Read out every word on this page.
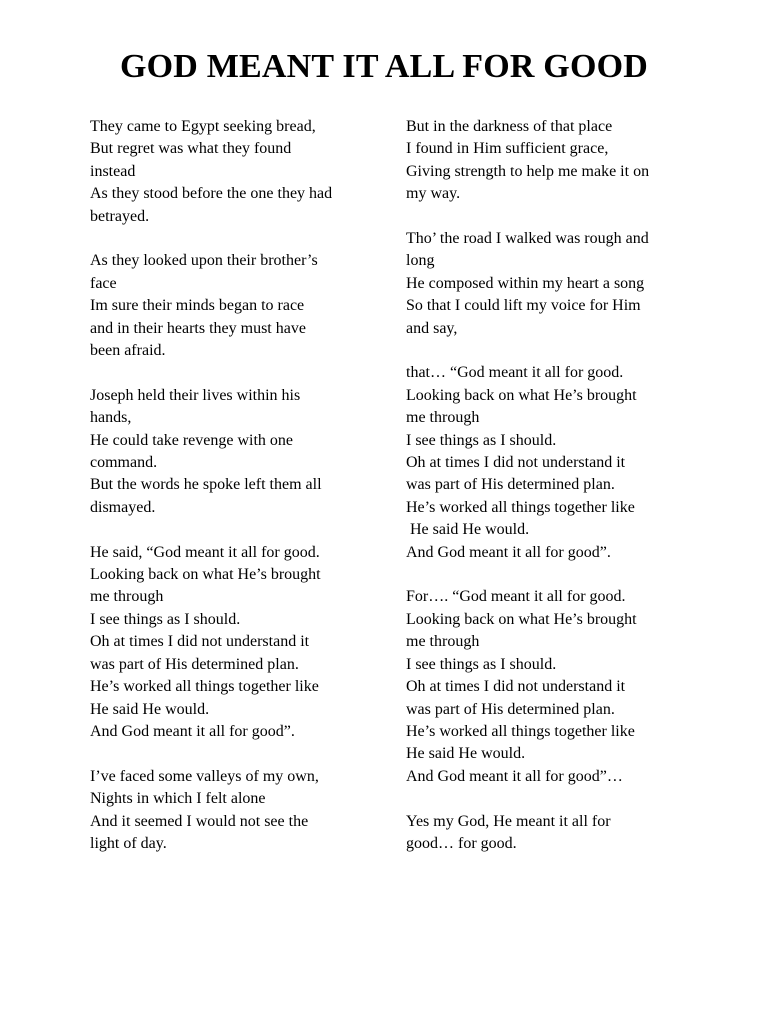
GOD MEANT IT ALL FOR GOOD
They came to Egypt seeking bread,
But regret was what they found
instead
As they stood before the one they had
betrayed.
As they looked upon their brother’s
face
Im sure their minds began to race
and in their hearts they must have
been afraid.
Joseph held their lives within his
hands,
He could take revenge with one
command.
But the words he spoke left them all
dismayed.
He said, “God meant it all for good.
Looking back on what He’s brought
me through
I see things as I should.
Oh at times I did not understand it
was part of His determined plan.
He’s worked all things together like
He said He would.
And God meant it all for good”.
I’ve faced some valleys of my own,
Nights in which I felt alone
And it seemed I would not see the
light of day.
But in the darkness of that place
I found in Him sufficient grace,
Giving strength to help me make it on
my way.
Tho’ the road I walked was rough and
long
He composed within my heart a song
So that I could lift my voice for Him
and say,
that… “God meant it all for good.
Looking back on what He’s brought
me through
I see things as I should.
Oh at times I did not understand it
was part of His determined plan.
He’s worked all things together like
He said He would.
And God meant it all for good”.
For…. “God meant it all for good.
Looking back on what He’s brought
me through
I see things as I should.
Oh at times I did not understand it
was part of His determined plan.
He’s worked all things together like
He said He would.
And God meant it all for good”…
Yes my God, He meant it all for
good… for good.
